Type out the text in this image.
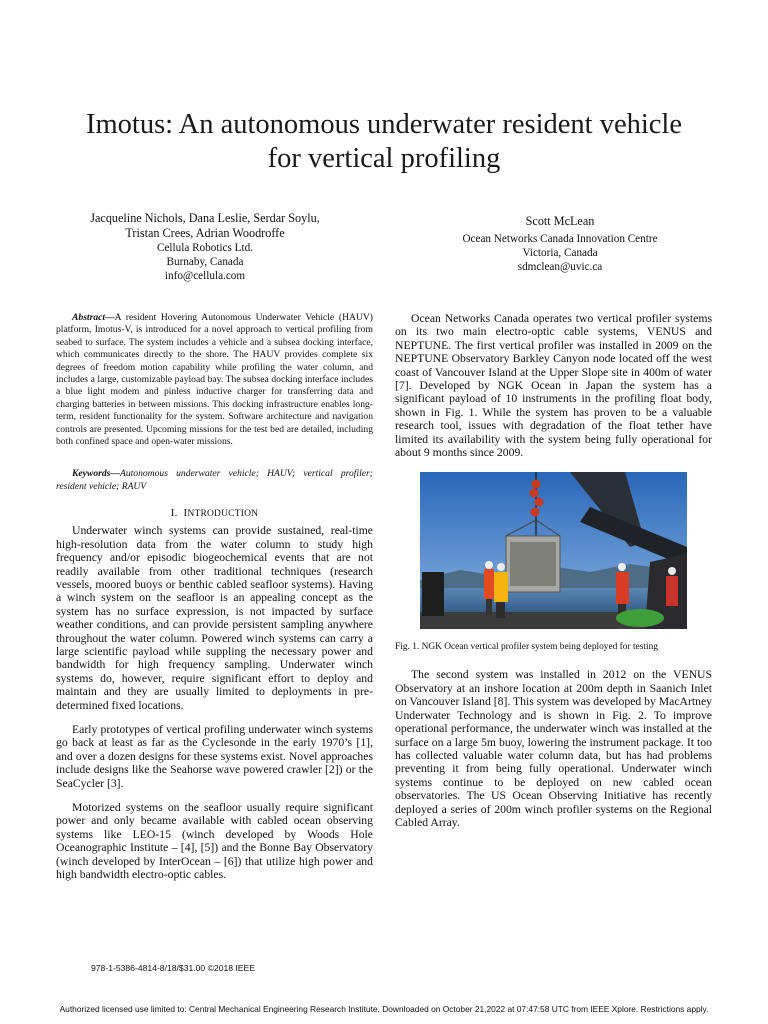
Imotus: An autonomous underwater resident vehicle
for vertical profiling
Jacqueline Nichols, Dana Leslie, Serdar Soylu,
Tristan Crees, Adrian Woodroffe
Cellula Robotics Ltd.
Burnaby, Canada
info@cellula.com
Scott McLean
Ocean Networks Canada Innovation Centre
Victoria, Canada
sdmclean@uvic.ca

Abstract—A resident Hovering Autonomous Underwater Vehicle (HAUV) platform, Imotus-V, is introduced for a novel approach to vertical profiling from seabed to surface. The system includes a vehicle and a subsea docking interface, which communicates directly to the shore. The HAUV provides complete six degrees of freedom motion capability while profiling the water column, and includes a large, customizable payload bay. The subsea docking interface includes a blue light modem and pinless inductive charger for transferring data and charging batteries in between missions. This docking infrastructure enables long-term, resident functionality for the system. Software architecture and navigation controls are presented. Upcoming missions for the test bed are detailed, including both confined space and open-water missions.

Keywords—Autonomous underwater vehicle; HAUV; vertical profiler; resident vehicle; RAUV

I. INTRODUCTION

Underwater winch systems can provide sustained, real-time high-resolution data from the water column to study high frequency and/or episodic biogeochemical events that are not readily available from other traditional techniques (research vessels, moored buoys or benthic cabled seafloor systems). Having a winch system on the seafloor is an appealing concept as the system has no surface expression, is not impacted by surface weather conditions, and can provide persistent sampling anywhere throughout the water column. Powered winch systems can carry a large scientific payload while suppling the necessary power and bandwidth for high frequency sampling. Underwater winch systems do, however, require significant effort to deploy and maintain and they are usually limited to deployments in pre-determined fixed locations.

Early prototypes of vertical profiling underwater winch systems go back at least as far as the Cyclesonde in the early 1970’s [1], and over a dozen designs for these systems exist. Novel approaches include designs like the Seahorse wave powered crawler [2]) or the SeaCycler [3].

Motorized systems on the seafloor usually require significant power and only became available with cabled ocean observing systems like LEO-15 (winch developed by Woods Hole Oceanographic Institute – [4], [5]) and the Bonne Bay Observatory (winch developed by InterOcean – [6]) that utilize high power and high bandwidth electro-optic cables.

Ocean Networks Canada operates two vertical profiler systems on its two main electro-optic cable systems, VENUS and NEPTUNE. The first vertical profiler was installed in 2009 on the NEPTUNE Observatory Barkley Canyon node located off the west coast of Vancouver Island at the Upper Slope site in 400m of water [7]. Developed by NGK Ocean in Japan the system has a significant payload of 10 instruments in the profiling float body, shown in Fig. 1. While the system has proven to be a valuable research tool, issues with degradation of the float tether have limited its availability with the system being fully operational for about 9 months since 2009.

Fig. 1. NGK Ocean vertical profiler system being deployed for testing

The second system was installed in 2012 on the VENUS Observatory at an inshore location at 200m depth in Saanich Inlet on Vancouver Island [8]. This system was developed by MacArtney Underwater Technology and is shown in Fig. 2. To improve operational performance, the underwater winch was installed at the surface on a large 5m buoy, lowering the instrument package. It too has collected valuable water column data, but has had problems preventing it from being fully operational. Underwater winch systems continue to be deployed on new cabled ocean observatories. The US Ocean Observing Initiative has recently deployed a series of 200m winch profiler systems on the Regional Cabled Array.

978-1-5386-4814-8/18/$31.00 ©2018 IEEE
Authorized licensed use limited to: Central Mechanical Engineering Research Institute. Downloaded on October 21,2022 at 07:47:58 UTC from IEEE Xplore. Restrictions apply.
